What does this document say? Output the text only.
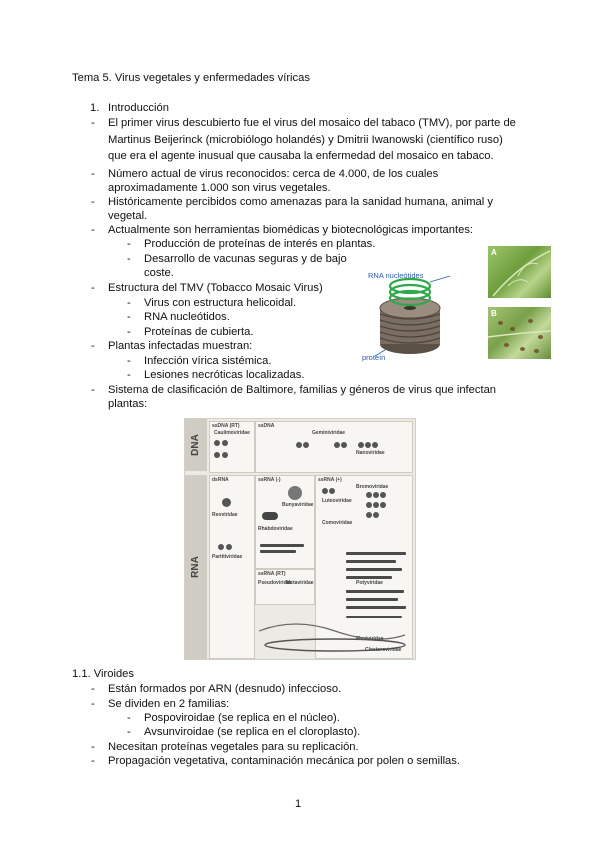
Tema 5. Virus vegetales y enfermedades víricas
1. Introducción
- El primer virus descubierto fue el virus del mosaico del tabaco (TMV), por parte de
Martinus Beijerinck (microbiólogo holandés) y Dmitrii Iwanowski (científico ruso)
que era el agente inusual que causaba la enfermedad del mosaico en tabaco.
- Número actual de virus reconocidos: cerca de 4.000, de los cuales
aproximadamente 1.000 son virus vegetales.
- Históricamente percibidos como amenazas para la sanidad humana, animal y
vegetal.
- Actualmente son herramientas biomédicas y biotecnológicas importantes:
- Producción de proteínas de interés en plantas.
- Desarrollo de vacunas seguras y de bajo
coste.
- Estructura del TMV (Tobacco Mosaic Virus)
- Virus con estructura helicoidal.
- RNA nucleótidos.
- Proteínas de cubierta.
- Plantas infectadas muestran:
- Infección vírica sistémica.
- Lesiones necróticas localizadas.
- Sistema de clasificación de Baltimore, familias y géneros de virus que infectan
plantas:
RNA nucleótides
proteín
A
B
DNA
RNA
ssDNA (RT)
Caulimoviridae
ssDNA
Geminiviridae
Nanoviridae
dsRNA
Reoviridae
Partitiviridae
ssRNA (-)
Bunyaviridae
Rhabdoviridae
ssRNA (+)
Bromoviridae
Luteoviridae
Comoviridae
Potyviridae
Flexiviridae
ssRNA (RT)
Pseudoviridae
Metaviridae
Closteroviridae
1.1. Viroides
- Están formados por ARN (desnudo) infeccioso.
- Se dividen en 2 familias:
- Pospoviroidae (se replica en el núcleo).
- Avsunviroidae (se replica en el cloroplasto).
- Necesitan proteínas vegetales para su replicación.
- Propagación vegetativa, contaminación mecánica por polen o semillas.
1
